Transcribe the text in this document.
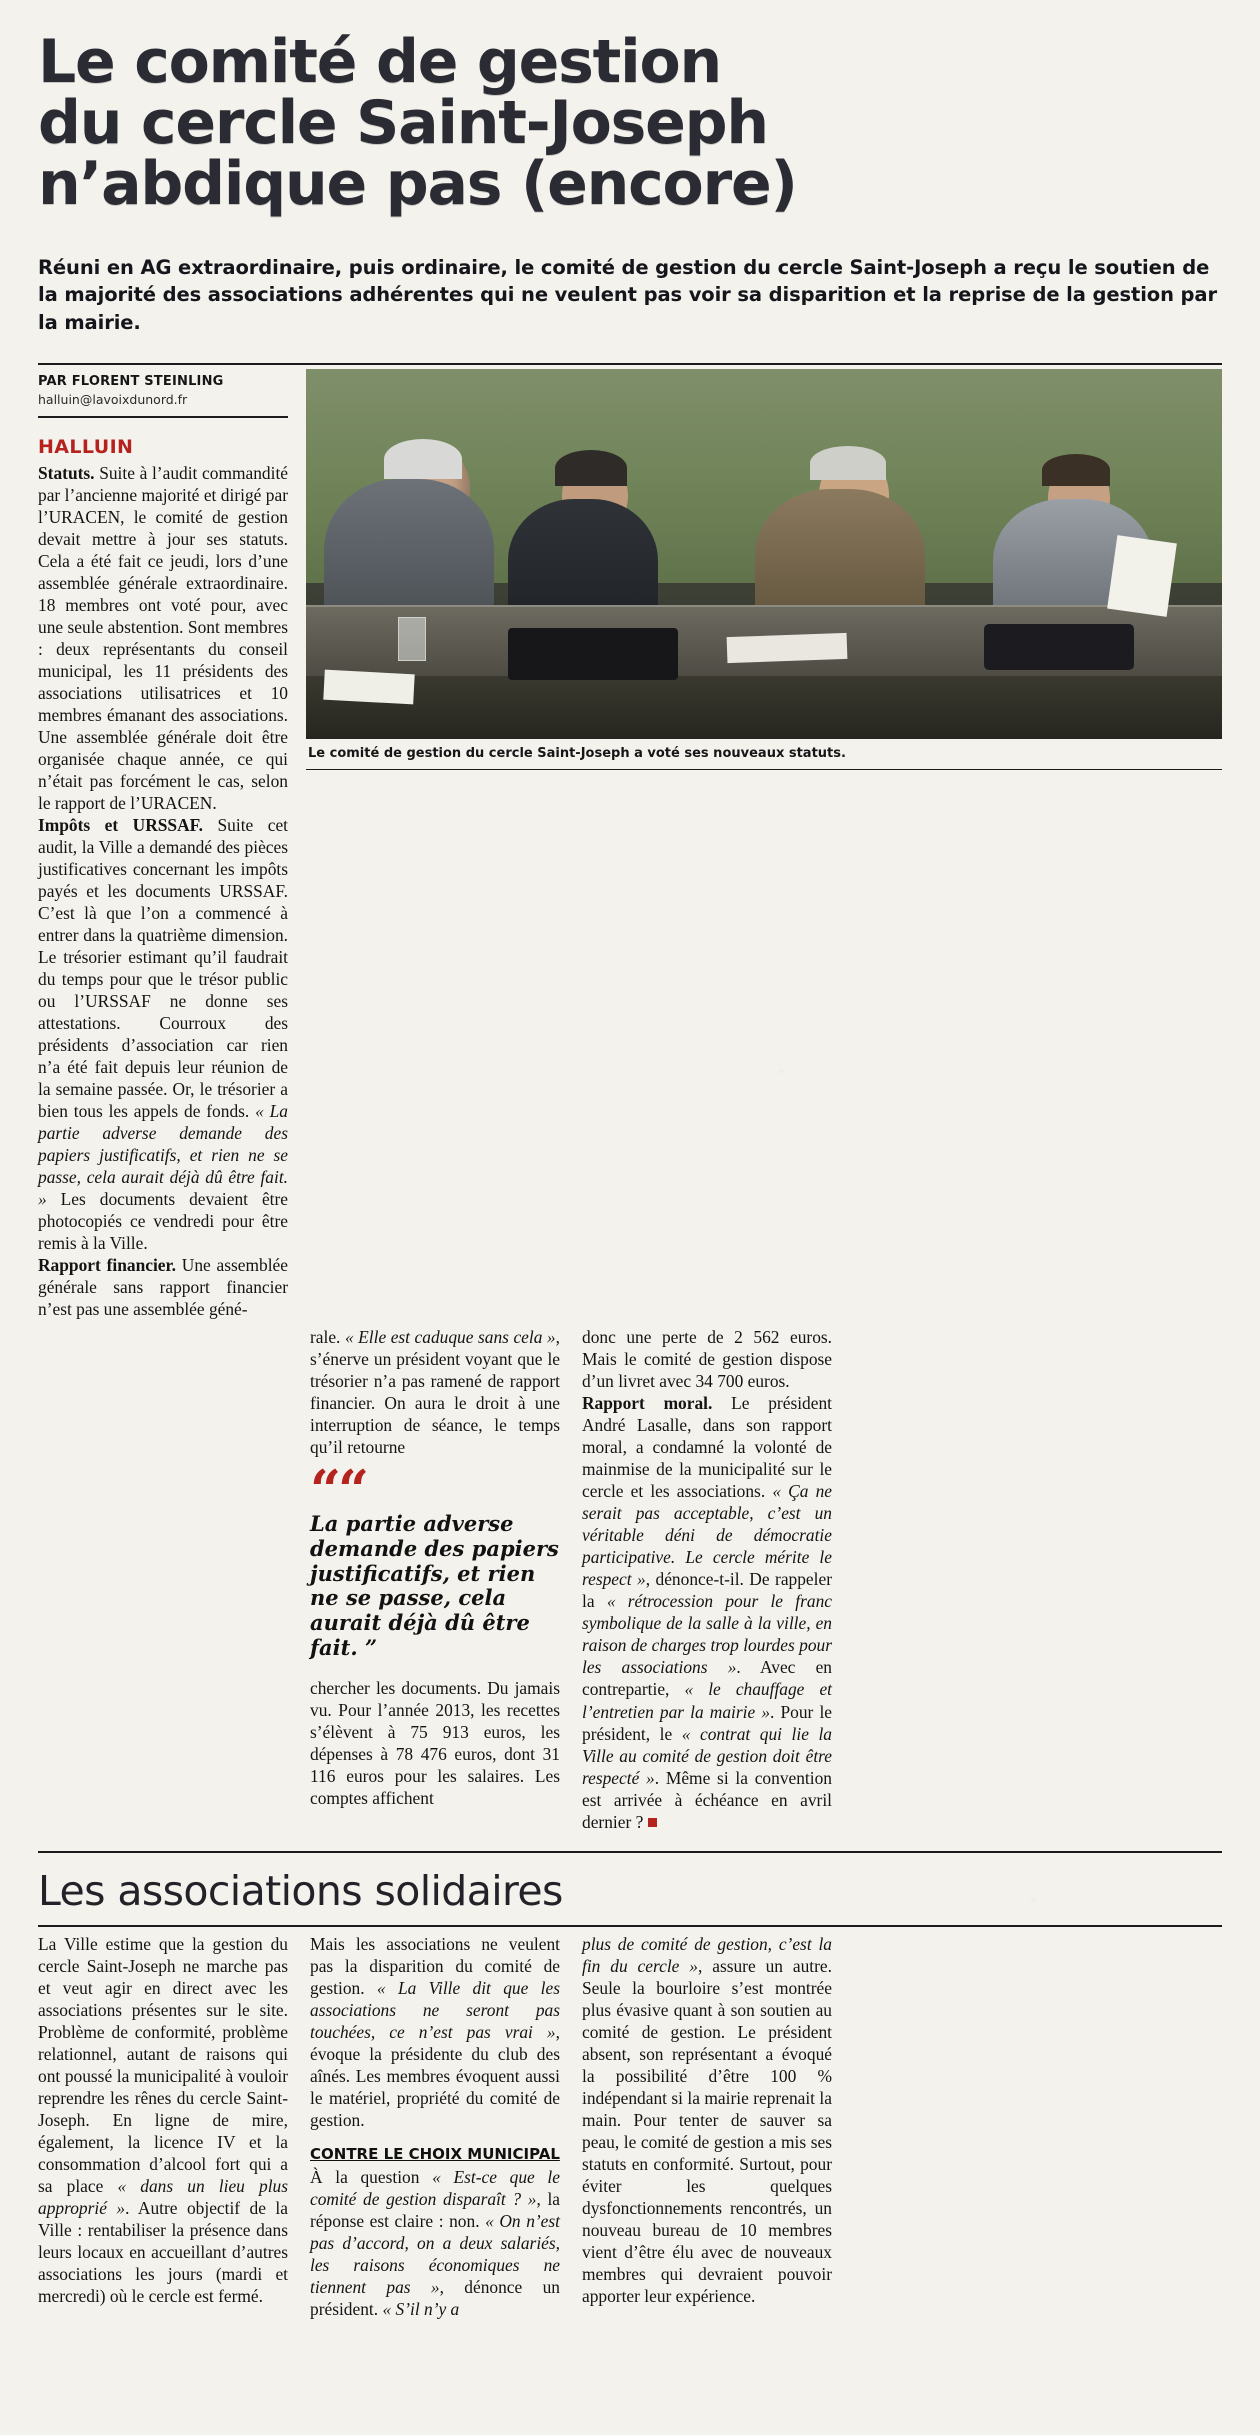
Le comité de gestion
du cercle Saint-Joseph
n’abdique pas (encore)
Réuni en AG extraordinaire, puis ordinaire, le comité de gestion du cercle Saint-Joseph a reçu le soutien de la majorité des associations adhérentes qui ne veulent pas voir sa disparition et la reprise de la gestion par la mairie.
PAR FLORENT STEINLING
halluin@lavoixdunord.fr
HALLUIN

Statuts. Suite à l’audit commandité par l’ancienne majorité et dirigé par l’URACEN, le comité de gestion devait mettre à jour ses statuts. Cela a été fait ce jeudi, lors d’une assemblée générale extraordinaire. 18 membres ont voté pour, avec une seule abstention. Sont membres : deux représentants du conseil municipal, les 11 présidents des associations utilisatrices et 10 membres émanant des associations. Une assemblée générale doit être organisée chaque année, ce qui n’était pas forcément le cas, selon le rapport de l’URACEN.

Impôts et URSSAF. Suite cet audit, la Ville a demandé des pièces justificatives concernant les impôts payés et les documents URSSAF. C’est là que l’on a commencé à entrer dans la quatrième dimension. Le trésorier estimant qu’il faudrait du temps pour que le trésor public ou l’URSSAF ne donne ses attestations. Courroux des présidents d’association car rien n’a été fait depuis leur réunion de la semaine passée. Or, le trésorier a bien tous les appels de fonds. « La partie adverse demande des papiers justificatifs, et rien ne se passe, cela aurait déjà dû être fait. » Les documents devaient être photocopiés ce vendredi pour être remis à la Ville.

Rapport financier. Une assemblée générale sans rapport financier n’est pas une assemblée géné-

Le comité de gestion du cercle Saint-Joseph a voté ses nouveaux statuts.

rale. « Elle est caduque sans cela », s’énerve un président voyant que le trésorier n’a pas ramené de rapport financier. On aura le droit à une interruption de séance, le temps qu’il retourne

““
La partie adverse demande des papiers justificatifs, et rien ne se passe, cela aurait déjà dû être fait. ”

chercher les documents. Du jamais vu. Pour l’année 2013, les recettes s’élèvent à 75 913 euros, les dépenses à 78 476 euros, dont 31 116 euros pour les salaires. Les comptes affichent

donc une perte de 2 562 euros. Mais le comité de gestion dispose d’un livret avec 34 700 euros.

Rapport moral. Le président André Lasalle, dans son rapport moral, a condamné la volonté de mainmise de la municipalité sur le cercle et les associations. « Ça ne serait pas acceptable, c’est un véritable déni de démocratie participative. Le cercle mérite le respect », dénonce-t-il. De rappeler la « rétrocession pour le franc symbolique de la salle à la ville, en raison de charges trop lourdes pour les associations ». Avec en contrepartie, « le chauffage et l’entretien par la mairie ». Pour le président, le « contrat qui lie la Ville au comité de gestion doit être respecté ». Même si la convention est arrivée à échéance en avril dernier ?

Les associations solidaires

La Ville estime que la gestion du cercle Saint-Joseph ne marche pas et veut agir en direct avec les associations présentes sur le site. Problème de conformité, problème relationnel, autant de raisons qui ont poussé la municipalité à vouloir reprendre les rênes du cercle Saint-Joseph. En ligne de mire, également, la licence IV et la consommation d’alcool fort qui a sa place « dans un lieu plus approprié ». Autre objectif de la Ville : rentabiliser la présence dans leurs locaux en accueillant d’autres associations les jours (mardi et mercredi) où le cercle est fermé.

Mais les associations ne veulent pas la disparition du comité de gestion. « La Ville dit que les associations ne seront pas touchées, ce n’est pas vrai », évoque la présidente du club des aînés. Les membres évoquent aussi le matériel, propriété du comité de gestion.

CONTRE LE CHOIX MUNICIPAL

À la question « Est-ce que le comité de gestion disparaît ? », la réponse est claire : non. « On n’est pas d’accord, on a deux salariés, les raisons économiques ne tiennent pas », dénonce un président. « S’il n’y a

plus de comité de gestion, c’est la fin du cercle », assure un autre. Seule la bourloire s’est montrée plus évasive quant à son soutien au comité de gestion. Le président absent, son représentant a évoqué la possibilité d’être 100 % indépendant si la mairie reprenait la main. Pour tenter de sauver sa peau, le comité de gestion a mis ses statuts en conformité. Surtout, pour éviter les quelques dysfonctionnements rencontrés, un nouveau bureau de 10 membres vient d’être élu avec de nouveaux membres qui devraient pouvoir apporter leur expérience.
